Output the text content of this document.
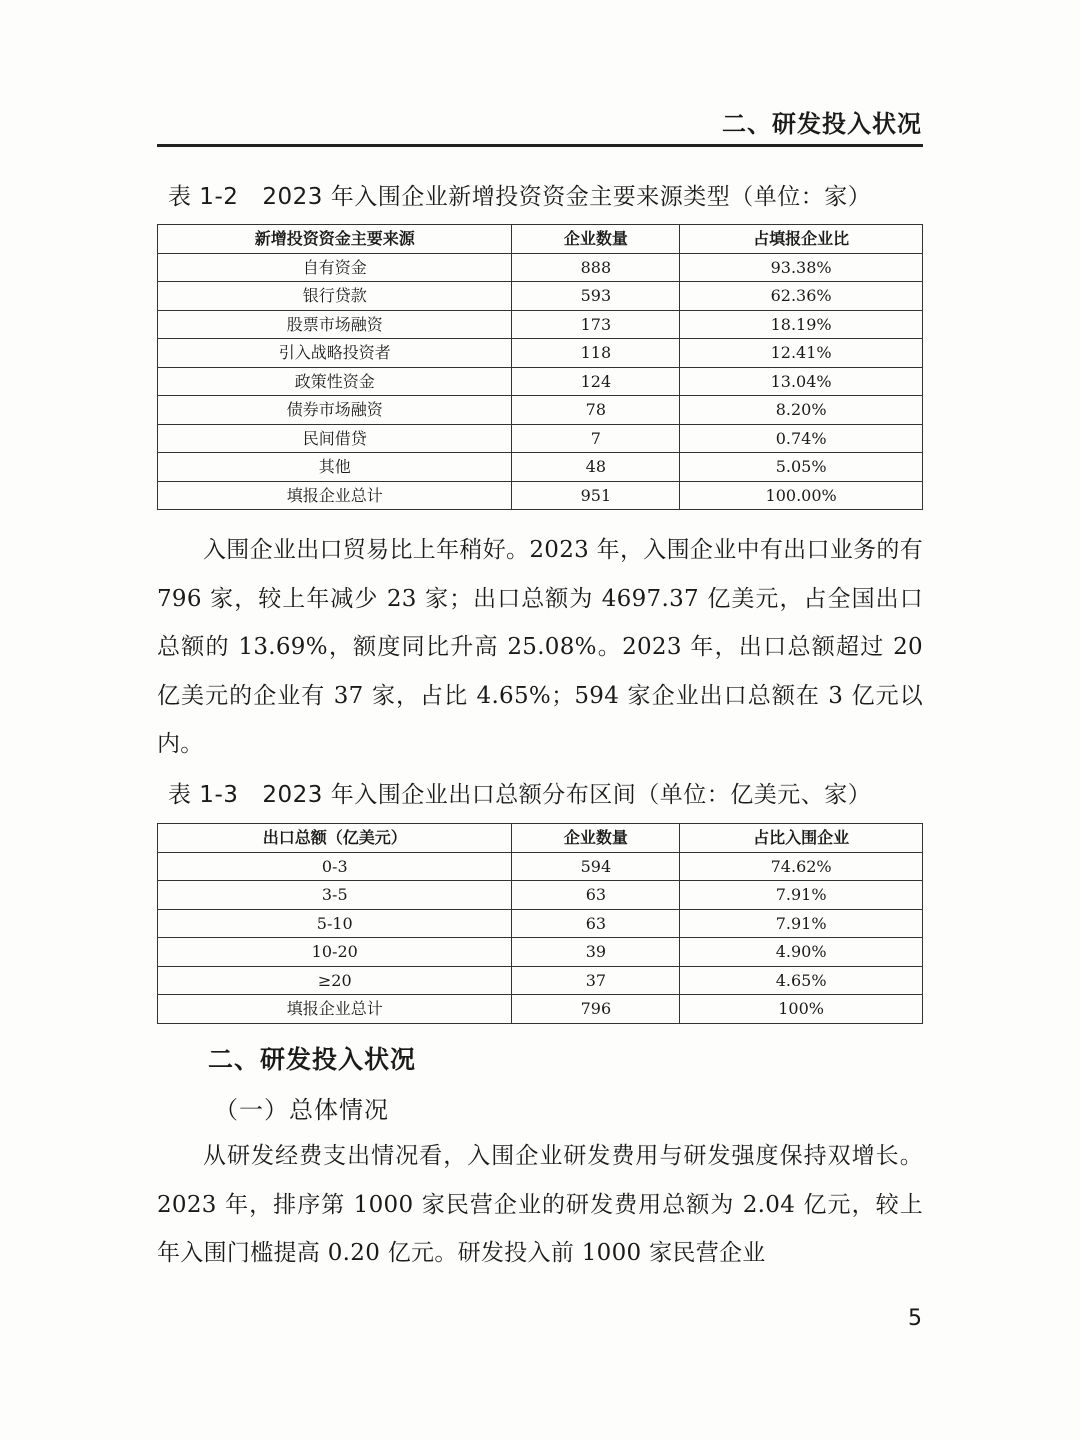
二、研发投入状况
表 1-2 2023 年入围企业新增投资资金主要来源类型（单位：家）
新增投资资金主要来源	企业数量	占填报企业比
自有资金	888	93.38%
银行贷款	593	62.36%
股票市场融资	173	18.19%
引入战略投资者	118	12.41%
政策性资金	124	13.04%
债券市场融资	78	8.20%
民间借贷	7	0.74%
其他	48	5.05%
填报企业总计	951	100.00%

入围企业出口贸易比上年稍好。2023 年，入围企业中有出口业务的有 796 家，较上年减少 23 家；出口总额为 4697.37 亿美元，占全国出口总额的 13.69%，额度同比升高 25.08%。2023 年，出口总额超过 20 亿美元的企业有 37 家，占比 4.65%；594 家企业出口总额在 3 亿元以内。

表 1-3 2023 年入围企业出口总额分布区间（单位：亿美元、家）
出口总额（亿美元）	企业数量	占比入围企业
0-3	594	74.62%
3-5	63	7.91%
5-10	63	7.91%
10-20	39	4.90%
≥20	37	4.65%
填报企业总计	796	100%
二、研发投入状况
（一）总体情况

从研发经费支出情况看，入围企业研发费用与研发强度保持双增长。2023 年，排序第 1000 家民营企业的研发费用总额为 2.04 亿元，较上年入围门槛提高 0.20 亿元。研发投入前 1000 家民营企业

5
